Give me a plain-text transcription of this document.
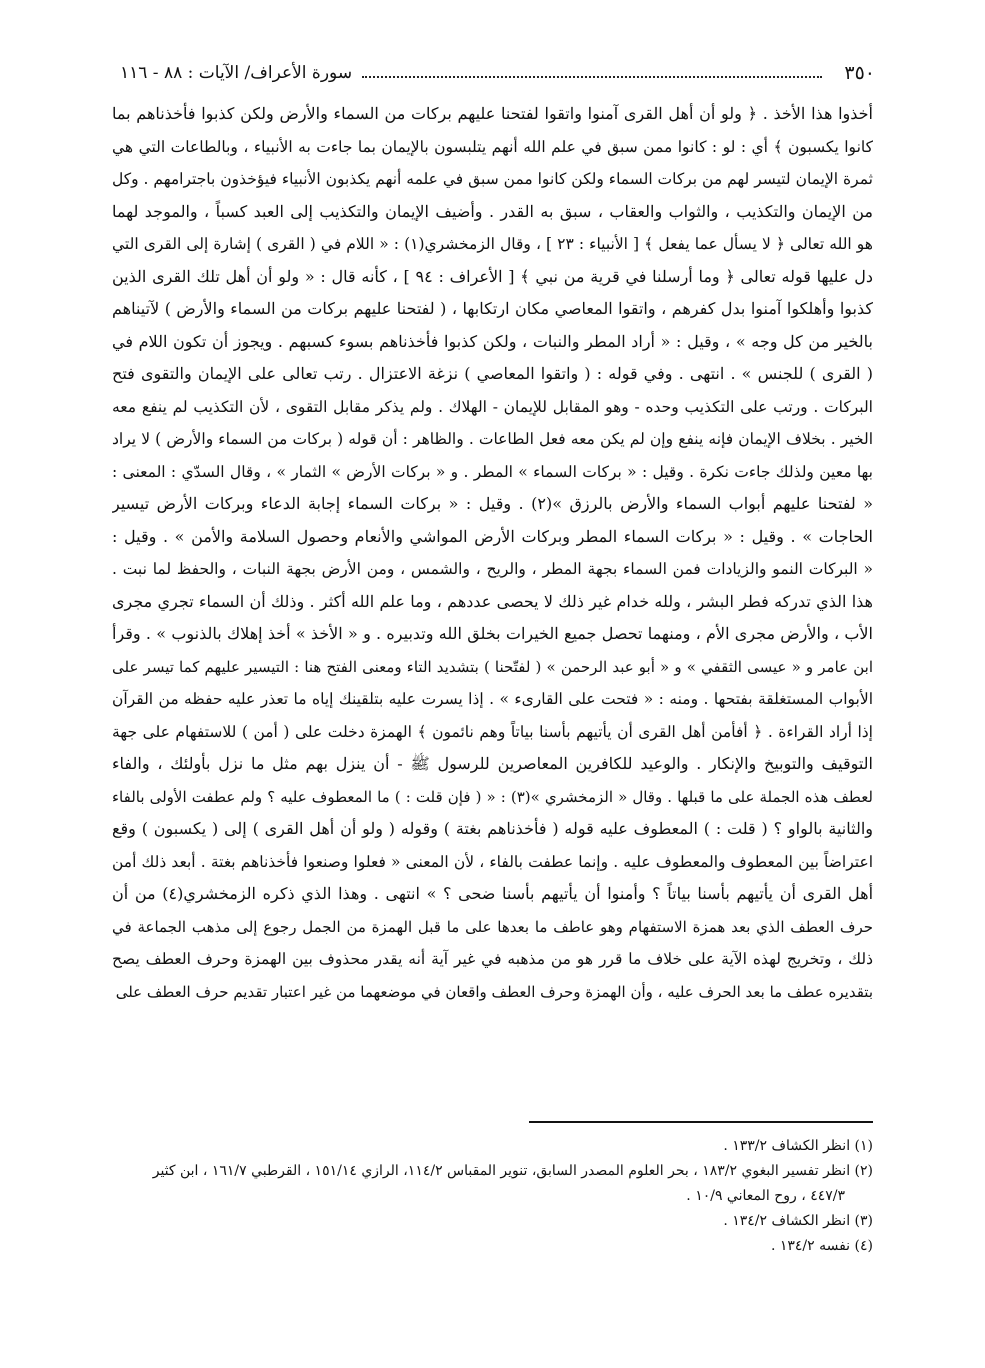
٣٥٠
سورة الأعراف/ الآيات : ٨٨ - ١١٦
أخذوا هذا الأخذ . ﴿ ولو أن أهل القرى آمنوا واتقوا لفتحنا عليهم بركات من السماء والأرض ولكن كذبوا فأخذناهم بما
كانوا يكسبون ﴾ أي : لو : كانوا ممن سبق في علم الله أنهم يتلبسون بالإيمان بما جاءت به الأنبياء ، وبالطاعات التي هي
ثمرة الإيمان لتيسر لهم من بركات السماء ولكن كانوا ممن سبق في علمه أنهم يكذبون الأنبياء فيؤخذون باجترامهم . وكل
من الإيمان والتكذيب ، والثواب والعقاب ، سبق به القدر . وأضيف الإيمان والتكذيب إلى العبد كسباً ، والموجد لهما
هو الله تعالى ﴿ لا يسأل عما يفعل ﴾ [ الأنبياء : ٢٣ ] ، وقال الزمخشري(١) : « اللام في ( القرى ) إشارة إلى القرى التي
دل عليها قوله تعالى ﴿ وما أرسلنا في قرية من نبي ﴾ [ الأعراف : ٩٤ ] ، كأنه قال : « ولو أن أهل تلك القرى الذين
كذبوا وأهلكوا آمنوا بدل كفرهم ، واتقوا المعاصي مكان ارتكابها ، ( لفتحنا عليهم بركات من السماء والأرض ) لآتيناهم
بالخير من كل وجه » ، وقيل : « أراد المطر والنبات ، ولكن كذبوا فأخذناهم بسوء كسبهم . ويجوز أن تكون اللام في
( القرى ) للجنس » . انتهى . وفي قوله : ( واتقوا المعاصي ) نزغة الاعتزال . رتب تعالى على الإيمان والتقوى فتح
البركات . ورتب على التكذيب وحده - وهو المقابل للإيمان - الهلاك . ولم يذكر مقابل التقوى ، لأن التكذيب لم ينفع معه
الخير . بخلاف الإيمان فإنه ينفع وإن لم يكن معه فعل الطاعات . والظاهر : أن قوله ( بركات من السماء والأرض ) لا يراد
بها معين ولذلك جاءت نكرة . وقيل : « بركات السماء » المطر . و « بركات الأرض » الثمار » ، وقال السدّي : المعنى :
« لفتحنا عليهم أبواب السماء والأرض بالرزق »(٢) . وقيل : « بركات السماء إجابة الدعاء وبركات الأرض تيسير
الحاجات » . وقيل : « بركات السماء المطر وبركات الأرض المواشي والأنعام وحصول السلامة والأمن » . وقيل :
« البركات النمو والزيادات فمن السماء بجهة المطر ، والريح ، والشمس ، ومن الأرض بجهة النبات ، والحفظ لما نبت .
هذا الذي تدركه فطر البشر ، ولله خدام غير ذلك لا يحصى عددهم ، وما علم الله أكثر . وذلك أن السماء تجري مجرى
الأب ، والأرض مجرى الأم ، ومنهما تحصل جميع الخيرات بخلق الله وتدبيره . و « الأخذ » أخذ إهلاك بالذنوب » . وقرأ
ابن عامر و « عيسى الثقفي » و « أبو عبد الرحمن » ( لفتّحنا ) بتشديد التاء ومعنى الفتح هنا : التيسير عليهم كما تيسر على
الأبواب المستغلقة بفتحها . ومنه : « فتحت على القارىء » . إذا يسرت عليه بتلقينك إياه ما تعذر عليه حفظه من القرآن
إذا أراد القراءة . ﴿ أفأمن أهل القرى أن يأتيهم بأسنا بياتاً وهم نائمون ﴾ الهمزة دخلت على ( أمن ) للاستفهام على جهة
التوقيف والتوبيخ والإنكار . والوعيد للكافرين المعاصرين للرسول ﷺ - أن ينزل بهم مثل ما نزل بأولئك ، والفاء
لعطف هذه الجملة على ما قبلها . وقال « الزمخشري »(٣) : « ( فإن قلت : ) ما المعطوف عليه ؟ ولم عطفت الأولى بالفاء
والثانية بالواو ؟ ( قلت : ) المعطوف عليه قوله ( فأخذناهم بغتة ) وقوله ( ولو أن أهل القرى ) إلى ( يكسبون ) وقع
اعتراضاً بين المعطوف والمعطوف عليه . وإنما عطفت بالفاء ، لأن المعنى « فعلوا وصنعوا فأخذناهم بغتة . أبعد ذلك أمن
أهل القرى أن يأتيهم بأسنا بياتاً ؟ وأمنوا أن يأتيهم بأسنا ضحى ؟ » انتهى . وهذا الذي ذكره الزمخشري(٤) من أن
حرف العطف الذي بعد همزة الاستفهام وهو عاطف ما بعدها على ما قبل الهمزة من الجمل رجوع إلى مذهب الجماعة في
ذلك ، وتخريج لهذه الآية على خلاف ما قرر هو من مذهبه في غير آية أنه يقدر محذوف بين الهمزة وحرف العطف يصح
بتقديره عطف ما بعد الحرف عليه ، وأن الهمزة وحرف العطف واقعان في موضعهما من غير اعتبار تقديم حرف العطف على
(١) انظر الكشاف ١٣٣/٢ .
(٢) انظر تفسير البغوي ١٨٣/٢ ، بحر العلوم المصدر السابق، تنوير المقباس ١١٤/٢، الرازي ١٥١/١٤ ، القرطبي ١٦١/٧ ، ابن كثير
٤٤٧/٣ ، روح المعاني ١٠/٩ .
(٣) انظر الكشاف ١٣٤/٢ .
(٤) نفسه ١٣٤/٢ .
